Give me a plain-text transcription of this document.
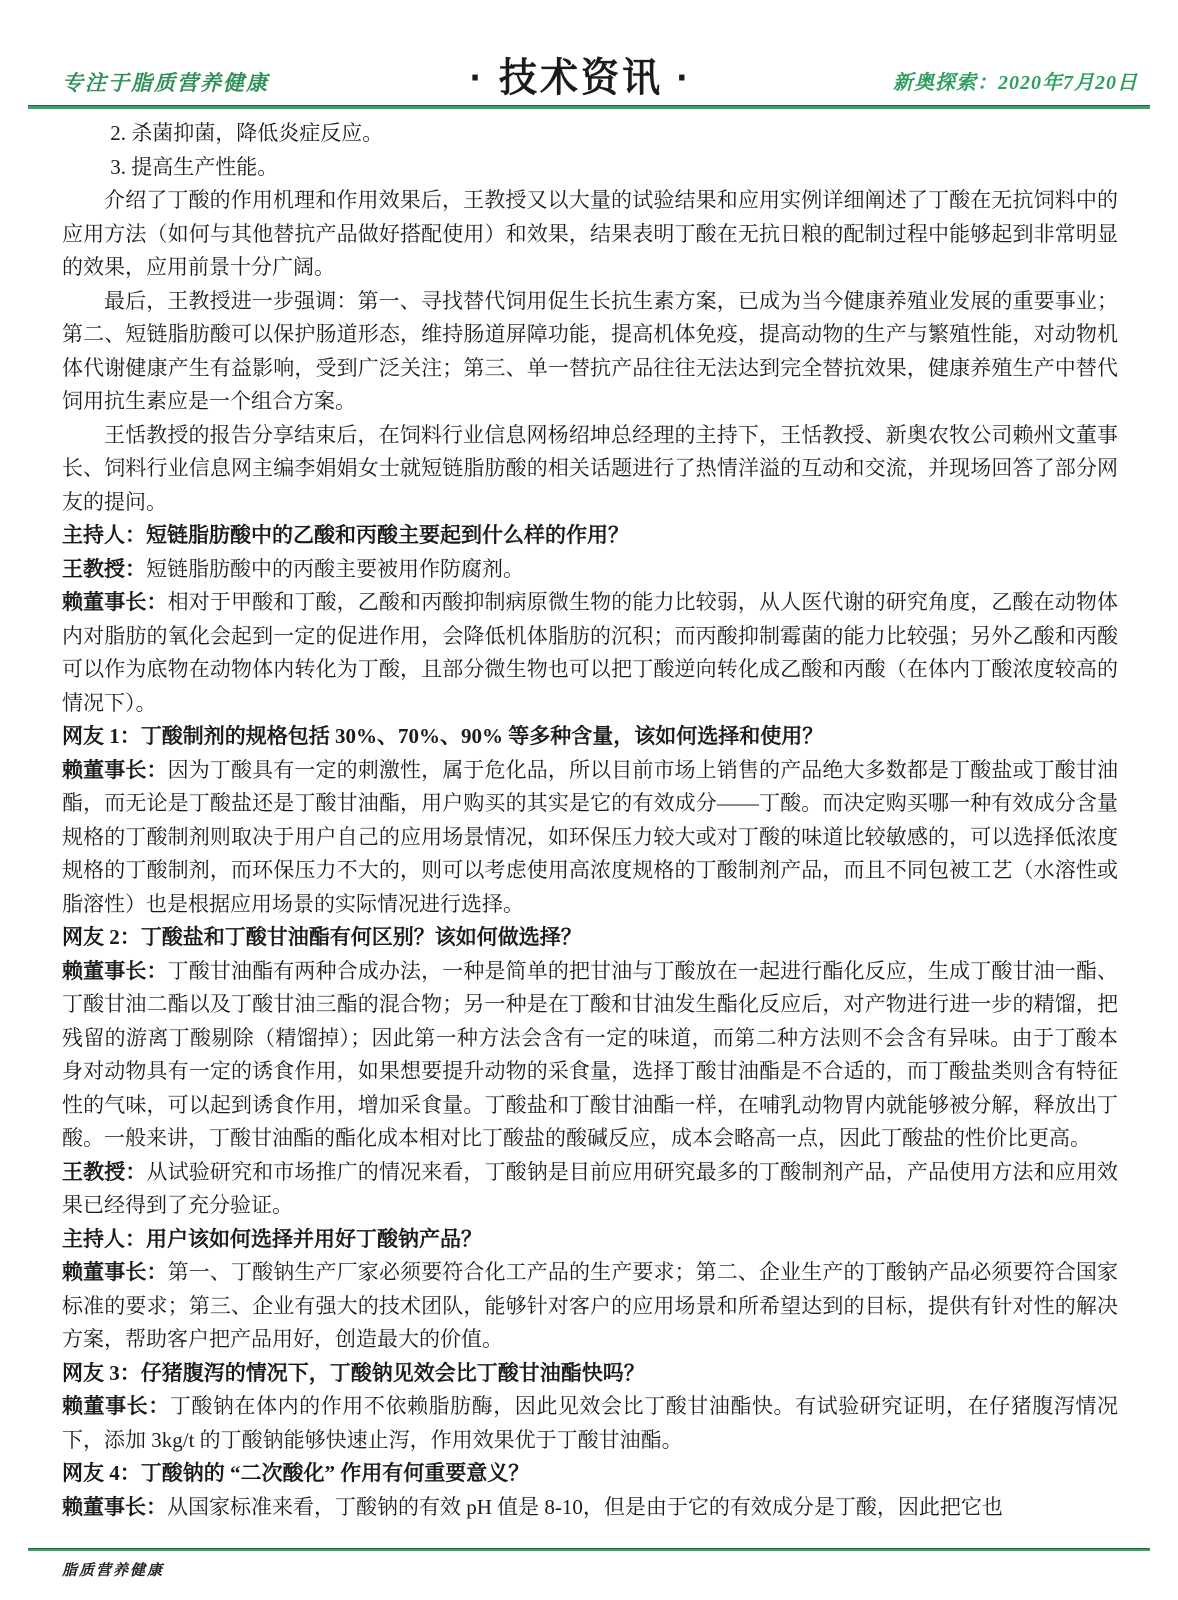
专注于脂质营养健康	· 技术资讯 ·	新奥探索：2020年7月20日

2. 杀菌抑菌，降低炎症反应。

3. 提高生产性能。

介绍了丁酸的作用机理和作用效果后，王教授又以大量的试验结果和应用实例详细阐述了丁酸在无抗饲料中的应用方法（如何与其他替抗产品做好搭配使用）和效果，结果表明丁酸在无抗日粮的配制过程中能够起到非常明显的效果，应用前景十分广阔。

最后，王教授进一步强调：第一、寻找替代饲用促生长抗生素方案，已成为当今健康养殖业发展的重要事业；第二、短链脂肪酸可以保护肠道形态，维持肠道屏障功能，提高机体免疫，提高动物的生产与繁殖性能，对动物机体代谢健康产生有益影响，受到广泛关注；第三、单一替抗产品往往无法达到完全替抗效果，健康养殖生产中替代饲用抗生素应是一个组合方案。

王恬教授的报告分享结束后，在饲料行业信息网杨绍坤总经理的主持下，王恬教授、新奥农牧公司赖州文董事长、饲料行业信息网主编李娟娟女士就短链脂肪酸的相关话题进行了热情洋溢的互动和交流，并现场回答了部分网友的提问。

主持人：短链脂肪酸中的乙酸和丙酸主要起到什么样的作用？

王教授：短链脂肪酸中的丙酸主要被用作防腐剂。

赖董事长：相对于甲酸和丁酸，乙酸和丙酸抑制病原微生物的能力比较弱，从人医代谢的研究角度，乙酸在动物体内对脂肪的氧化会起到一定的促进作用，会降低机体脂肪的沉积；而丙酸抑制霉菌的能力比较强；另外乙酸和丙酸可以作为底物在动物体内转化为丁酸，且部分微生物也可以把丁酸逆向转化成乙酸和丙酸（在体内丁酸浓度较高的情况下）。

网友 1：丁酸制剂的规格包括 30%、70%、90% 等多种含量，该如何选择和使用？

赖董事长：因为丁酸具有一定的刺激性，属于危化品，所以目前市场上销售的产品绝大多数都是丁酸盐或丁酸甘油酯，而无论是丁酸盐还是丁酸甘油酯，用户购买的其实是它的有效成分——丁酸。而决定购买哪一种有效成分含量规格的丁酸制剂则取决于用户自己的应用场景情况，如环保压力较大或对丁酸的味道比较敏感的，可以选择低浓度规格的丁酸制剂，而环保压力不大的，则可以考虑使用高浓度规格的丁酸制剂产品，而且不同包被工艺（水溶性或脂溶性）也是根据应用场景的实际情况进行选择。

网友 2：丁酸盐和丁酸甘油酯有何区别？该如何做选择？

赖董事长：丁酸甘油酯有两种合成办法，一种是简单的把甘油与丁酸放在一起进行酯化反应，生成丁酸甘油一酯、丁酸甘油二酯以及丁酸甘油三酯的混合物；另一种是在丁酸和甘油发生酯化反应后，对产物进行进一步的精馏，把残留的游离丁酸剔除（精馏掉）；因此第一种方法会含有一定的味道，而第二种方法则不会含有异味。由于丁酸本身对动物具有一定的诱食作用，如果想要提升动物的采食量，选择丁酸甘油酯是不合适的，而丁酸盐类则含有特征性的气味，可以起到诱食作用，增加采食量。丁酸盐和丁酸甘油酯一样，在哺乳动物胃内就能够被分解，释放出丁酸。一般来讲，丁酸甘油酯的酯化成本相对比丁酸盐的酸碱反应，成本会略高一点，因此丁酸盐的性价比更高。

王教授：从试验研究和市场推广的情况来看，丁酸钠是目前应用研究最多的丁酸制剂产品，产品使用方法和应用效果已经得到了充分验证。

主持人：用户该如何选择并用好丁酸钠产品？

赖董事长：第一、丁酸钠生产厂家必须要符合化工产品的生产要求；第二、企业生产的丁酸钠产品必须要符合国家标准的要求；第三、企业有强大的技术团队，能够针对客户的应用场景和所希望达到的目标，提供有针对性的解决方案，帮助客户把产品用好，创造最大的价值。

网友 3：仔猪腹泻的情况下，丁酸钠见效会比丁酸甘油酯快吗？

赖董事长：丁酸钠在体内的作用不依赖脂肪酶，因此见效会比丁酸甘油酯快。有试验研究证明，在仔猪腹泻情况下，添加 3kg/t 的丁酸钠能够快速止泻，作用效果优于丁酸甘油酯。

网友 4：丁酸钠的 “二次酸化” 作用有何重要意义？

赖董事长：从国家标准来看，丁酸钠的有效 pH 值是 8-10，但是由于它的有效成分是丁酸，因此把它也

脂质营养健康
